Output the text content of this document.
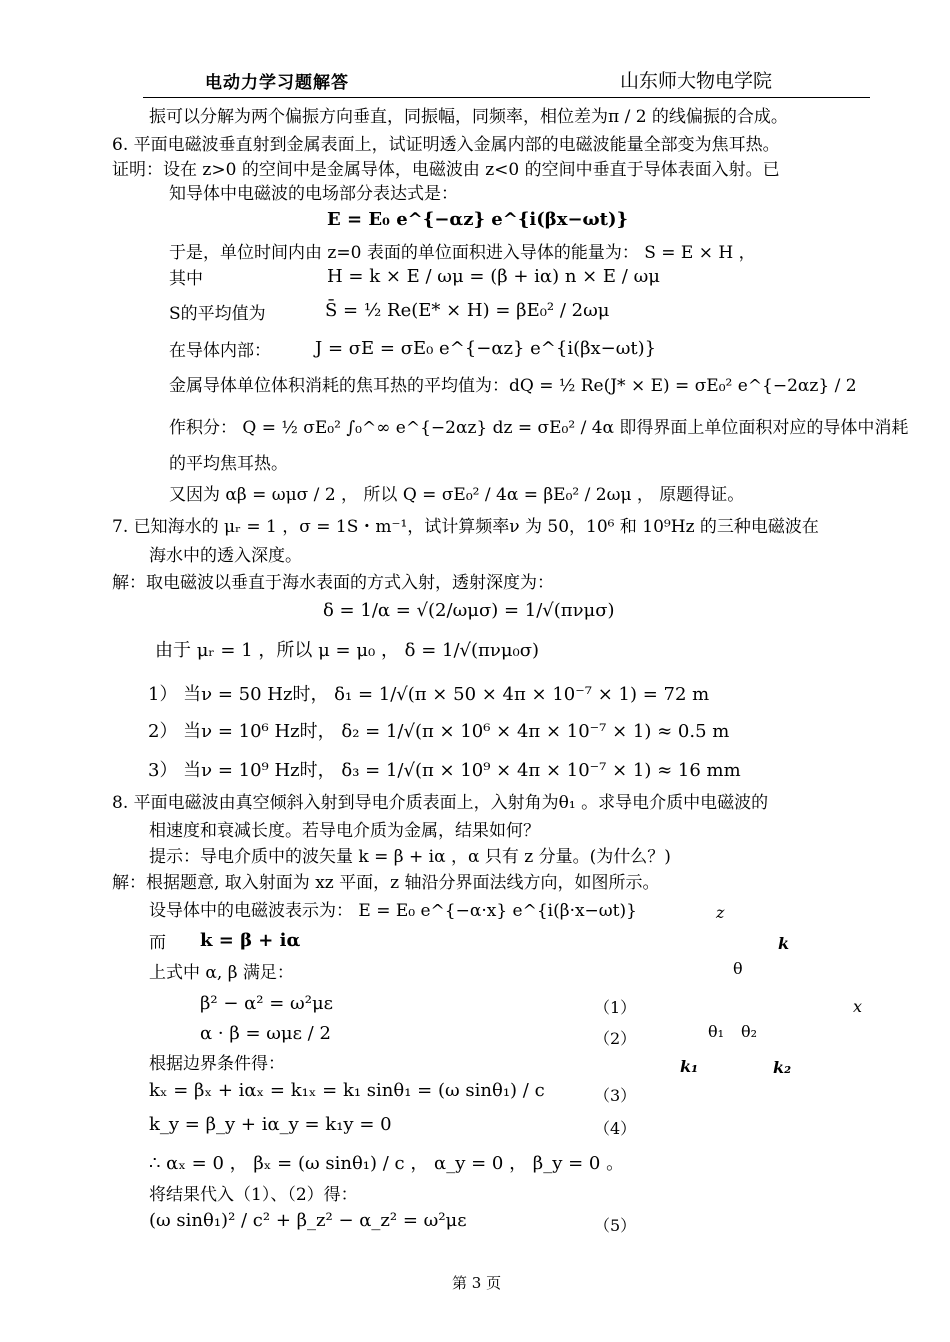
电动力学习题解答	山东师大物电学院
振可以分解为两个偏振方向垂直，同振幅，同频率，相位差为π / 2 的线偏振的合成。
6. 平面电磁波垂直射到金属表面上，试证明透入金属内部的电磁波能量全部变为焦耳热。
证明：设在 z>0 的空间中是金属导体，电磁波由 z<0 的空间中垂直于导体表面入射。已
知导体中电磁波的电场部分表达式是：
E = E₀ e^{−αz} e^{i(βx−ωt)}
于是，单位时间内由 z=0 表面的单位面积进入导体的能量为： S = E × H ，
其中	H = k × E / ωμ = (β + iα) n × E / ωμ
S的平均值为	S̄ = ½ Re(E* × H) = βE₀² / 2ωμ
在导体内部： J = σE = σE₀ e^{−αz} e^{i(βx−ωt)}
金属导体单位体积消耗的焦耳热的平均值为：dQ = ½ Re(J* × E) = σE₀² e^{−2αz} / 2
作积分： Q = ½ σE₀² ∫₀^∞ e^{−2αz} dz = σE₀² / 4α 即得界面上单位面积对应的导体中消耗
的平均焦耳热。
又因为 αβ = ωμσ / 2 ， 所以 Q = σE₀² / 4α = βE₀² / 2ωμ ， 原题得证。
7. 已知海水的 μᵣ = 1 ，σ = 1S・m⁻¹，试计算频率ν 为 50，10⁶ 和 10⁹Hz 的三种电磁波在
海水中的透入深度。
解：取电磁波以垂直于海水表面的方式入射，透射深度为：
δ = 1/α = √(2/ωμσ) = 1/√(πνμσ)
由于 μᵣ = 1 ，所以 μ = μ₀ ， δ = 1/√(πνμ₀σ)
1） 当ν = 50 Hz时， δ₁ = 1/√(π × 50 × 4π × 10⁻⁷ × 1) = 72 m
2） 当ν = 10⁶ Hz时， δ₂ = 1/√(π × 10⁶ × 4π × 10⁻⁷ × 1) ≈ 0.5 m
3） 当ν = 10⁹ Hz时， δ₃ = 1/√(π × 10⁹ × 4π × 10⁻⁷ × 1) ≈ 16 mm
8. 平面电磁波由真空倾斜入射到导电介质表面上，入射角为θ₁ 。求导电介质中电磁波的
相速度和衰减长度。若导电介质为金属，结果如何？
提示：导电介质中的波矢量 k = β + iα ，α 只有 z 分量。(为什么？)
解：根据题意, 取入射面为 xz 平面，z 轴沿分界面法线方向，如图所示。
设导体中的电磁波表示为： E = E₀ e^{−α·x} e^{i(β·x−ωt)}
而 k = β + iα
上式中 α, β 满足：
β² − α² = ω²με
α · β = ωμε / 2
根据边界条件得：
kₓ = βₓ + iαₓ = k₁ₓ = k₁ sinθ₁ = (ω sinθ₁) / c
k_y = β_y + iα_y = k₁y = 0
∴ αₓ = 0 ， βₓ = (ω sinθ₁) / c ， α_y = 0 ， β_y = 0 。
将结果代入（1）、（2）得：
(ω sinθ₁)² / c² + β_z² − α_z² = ω²με
（1）
（2）
（3）
（4）
（5）
z
k
θ
x
θ₁ θ₂
k₁	k₂
第 3 页
